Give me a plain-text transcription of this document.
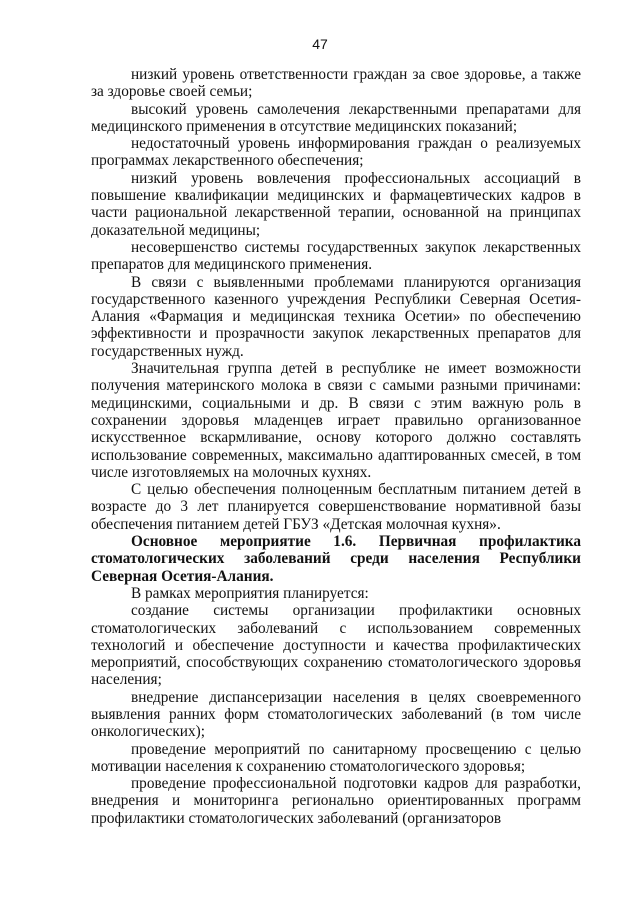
47

низкий уровень ответственности граждан за свое здоровье, а также за здоровье своей семьи;

высокий уровень самолечения лекарственными препаратами для медицинского применения в отсутствие медицинских показаний;

недостаточный уровень информирования граждан о реализуемых программах лекарственного обеспечения;

низкий уровень вовлечения профессиональных ассоциаций в повышение квалификации медицинских и фармацевтических кадров в части рациональной лекарственной терапии, основанной на принципах доказательной медицины;

несовершенство системы государственных закупок лекарственных препаратов для медицинского применения.

В связи с выявленными проблемами планируются организация государственного казенного учреждения Республики Северная Осетия-Алания «Фармация и медицинская техника Осетии» по обеспечению эффективности и прозрачности закупок лекарственных препаратов для государственных нужд.

Значительная группа детей в республике не имеет возможности получения материнского молока в связи с самыми разными причинами: медицинскими, социальными и др. В связи с этим важную роль в сохранении здоровья младенцев играет правильно организованное искусственное вскармливание, основу которого должно составлять использование современных, максимально адаптированных смесей, в том числе изготовляемых на молочных кухнях.

С целью обеспечения полноценным бесплатным питанием детей в возрасте до 3 лет планируется совершенствование нормативной базы обеспечения питанием детей ГБУЗ «Детская молочная кухня».

Основное мероприятие 1.6. Первичная профилактика стоматологических заболеваний среди населения Республики Северная Осетия-Алания.

В рамках мероприятия планируется:

создание системы организации профилактики основных стоматологических заболеваний с использованием современных технологий и обеспечение доступности и качества профилактических мероприятий, способствующих сохранению стоматологического здоровья населения;

внедрение диспансеризации населения в целях своевременного выявления ранних форм стоматологических заболеваний (в том числе онкологических);

проведение мероприятий по санитарному просвещению с целью мотивации населения к сохранению стоматологического здоровья;

проведение профессиональной подготовки кадров для разработки, внедрения и мониторинга регионально ориентированных программ профилактики стоматологических заболеваний (организаторов
